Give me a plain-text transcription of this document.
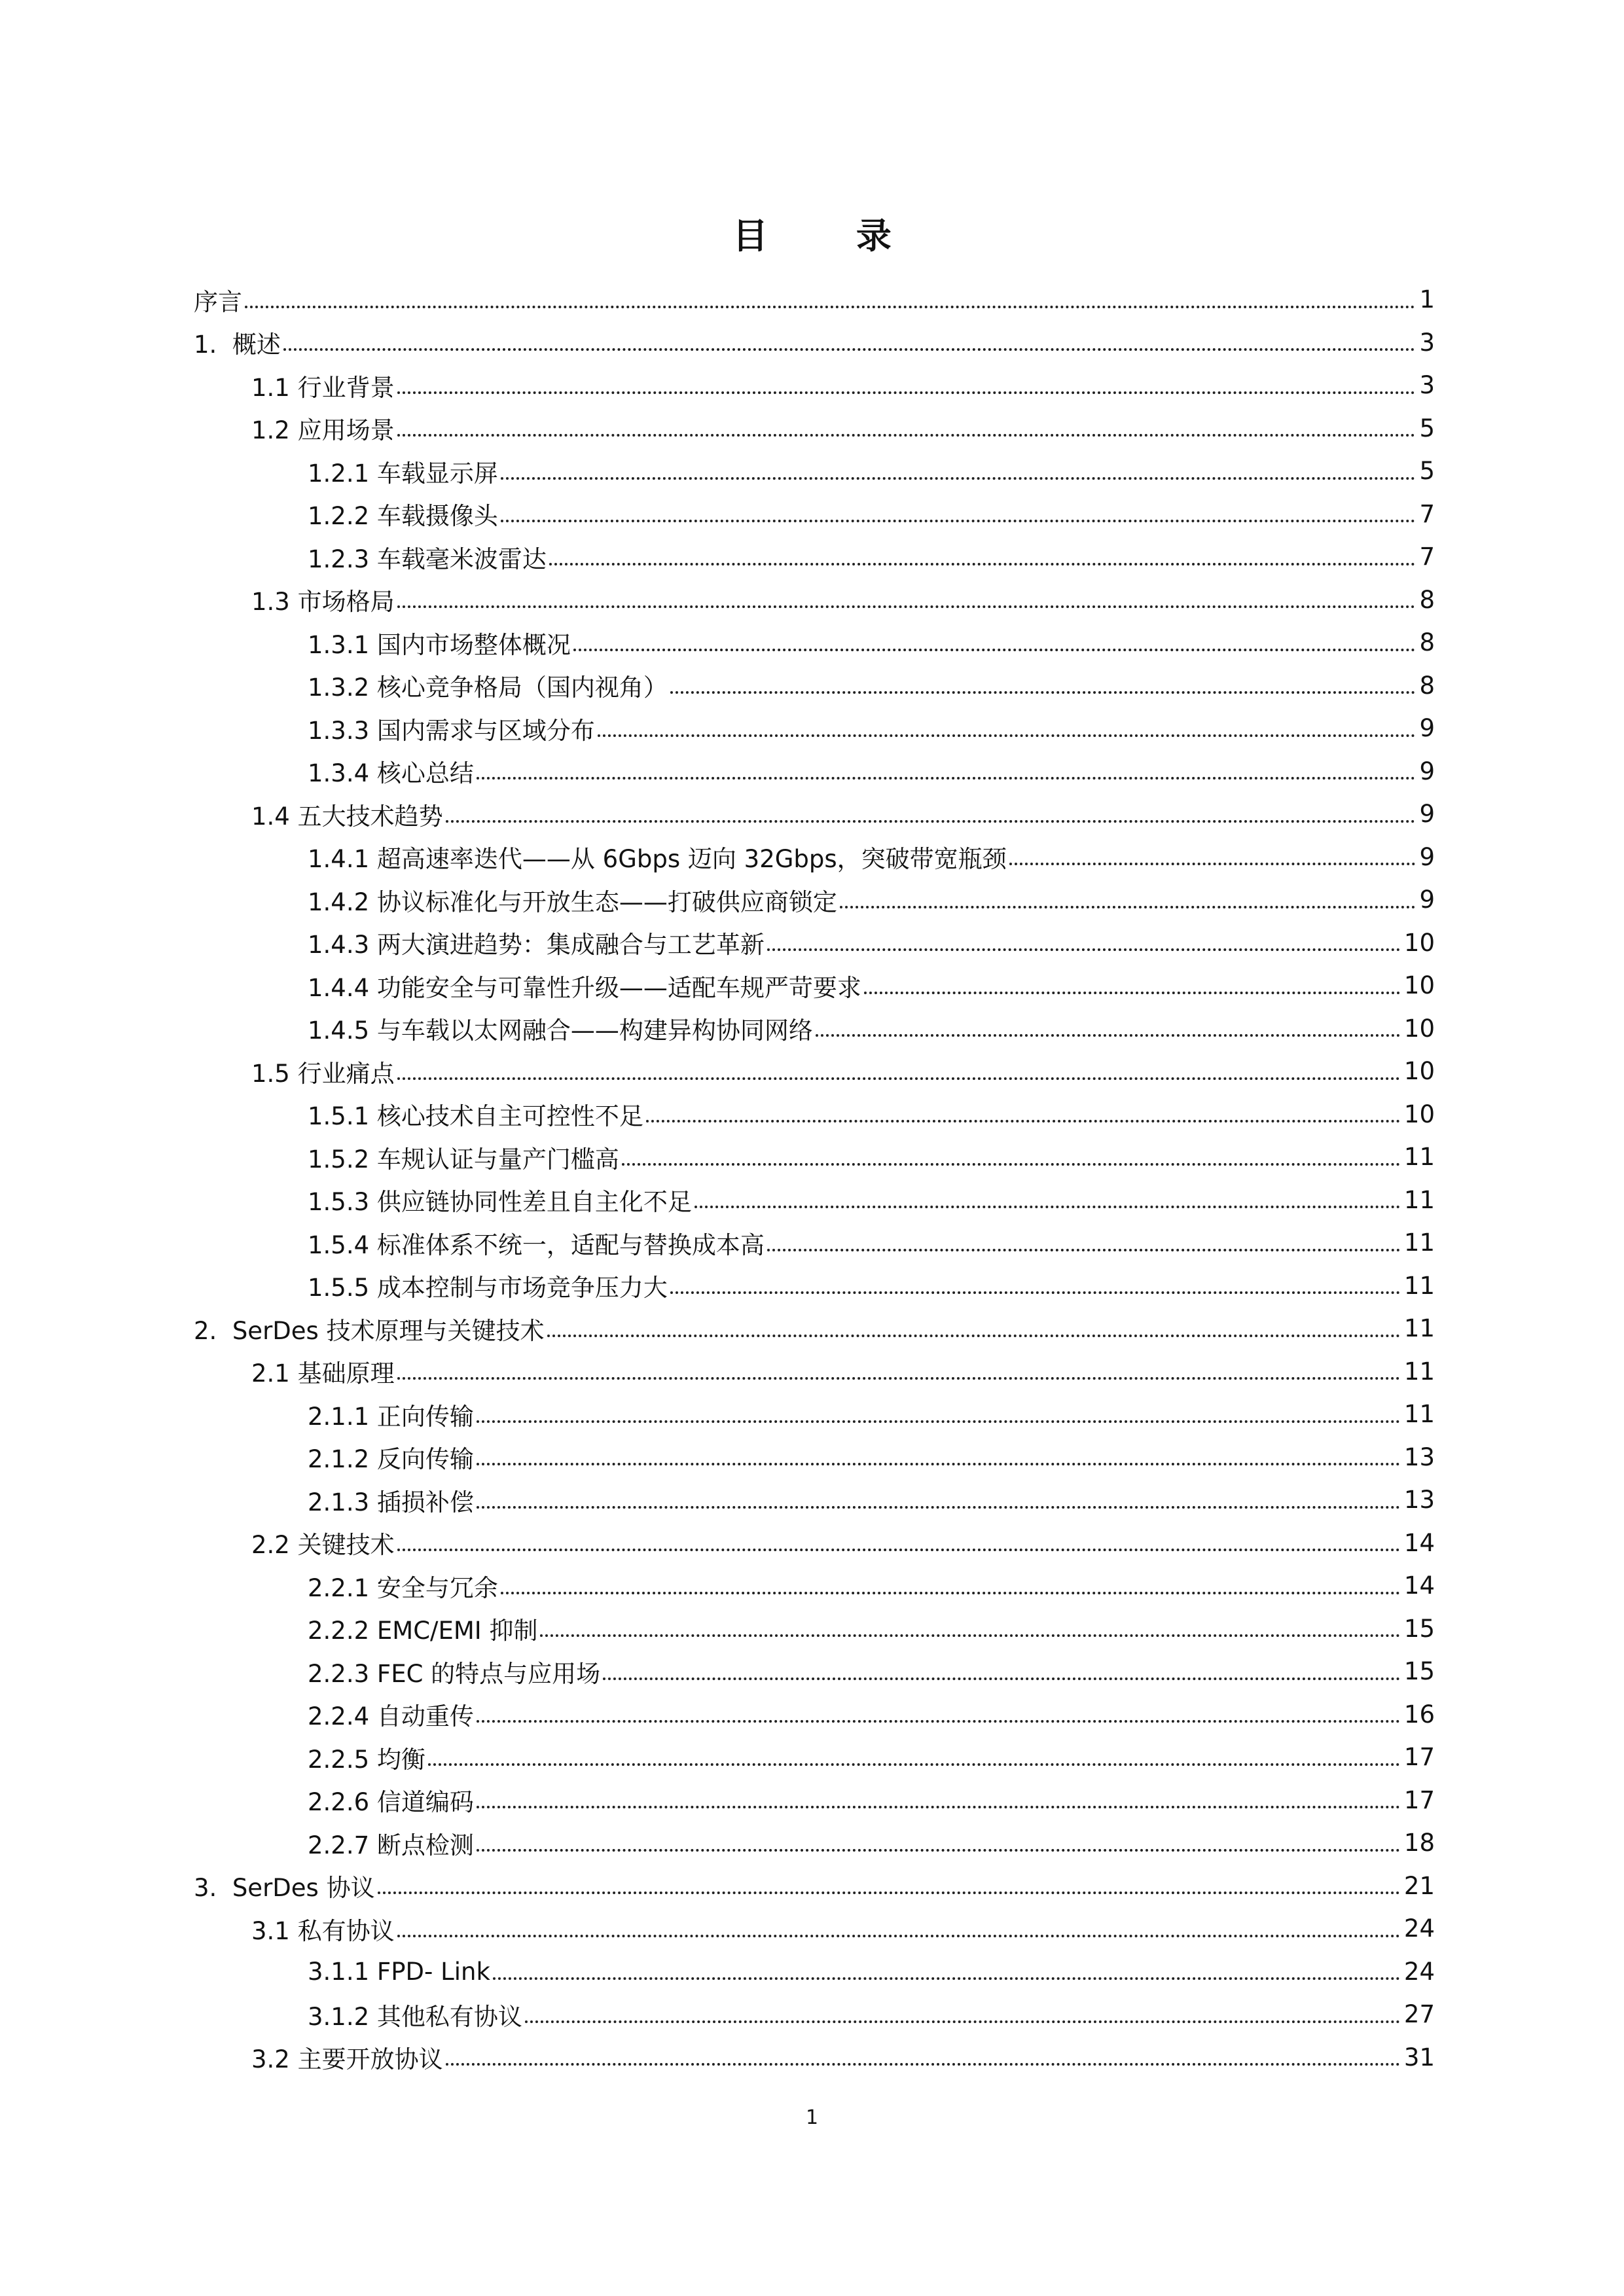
目 录
序言	1
1.  概述	3
1.1 行业背景	3
1.2 应用场景	5
1.2.1 车载显示屏	5
1.2.2 车载摄像头	7
1.2.3 车载毫米波雷达	7
1.3 市场格局	8
1.3.1 国内市场整体概况	8
1.3.2 核心竞争格局（国内视角）	8
1.3.3 国内需求与区域分布	9
1.3.4 核心总结	9
1.4 五大技术趋势	9
1.4.1 超高速率迭代——从 6Gbps 迈向 32Gbps，突破带宽瓶颈	9
1.4.2 协议标准化与开放生态——打破供应商锁定	9
1.4.3 两大演进趋势：集成融合与工艺革新	10
1.4.4 功能安全与可靠性升级——适配车规严苛要求	10
1.4.5 与车载以太网融合——构建异构协同网络	10
1.5 行业痛点	10
1.5.1 核心技术自主可控性不足	10
1.5.2 车规认证与量产门槛高	11
1.5.3 供应链协同性差且自主化不足	11
1.5.4 标准体系不统一，适配与替换成本高	11
1.5.5 成本控制与市场竞争压力大	11
2.  SerDes 技术原理与关键技术	11
2.1 基础原理	11
2.1.1 正向传输	11
2.1.2 反向传输	13
2.1.3 插损补偿	13
2.2 关键技术	14
2.2.1 安全与冗余	14
2.2.2 EMC/EMI 抑制	15
2.2.3 FEC 的特点与应用场	15
2.2.4 自动重传	16
2.2.5 均衡	17
2.2.6 信道编码	17
2.2.7 断点检测	18
3.  SerDes 协议	21
3.1 私有协议	24
3.1.1 FPD- Link	24
3.1.2 其他私有协议	27
3.2 主要开放协议	31
1
